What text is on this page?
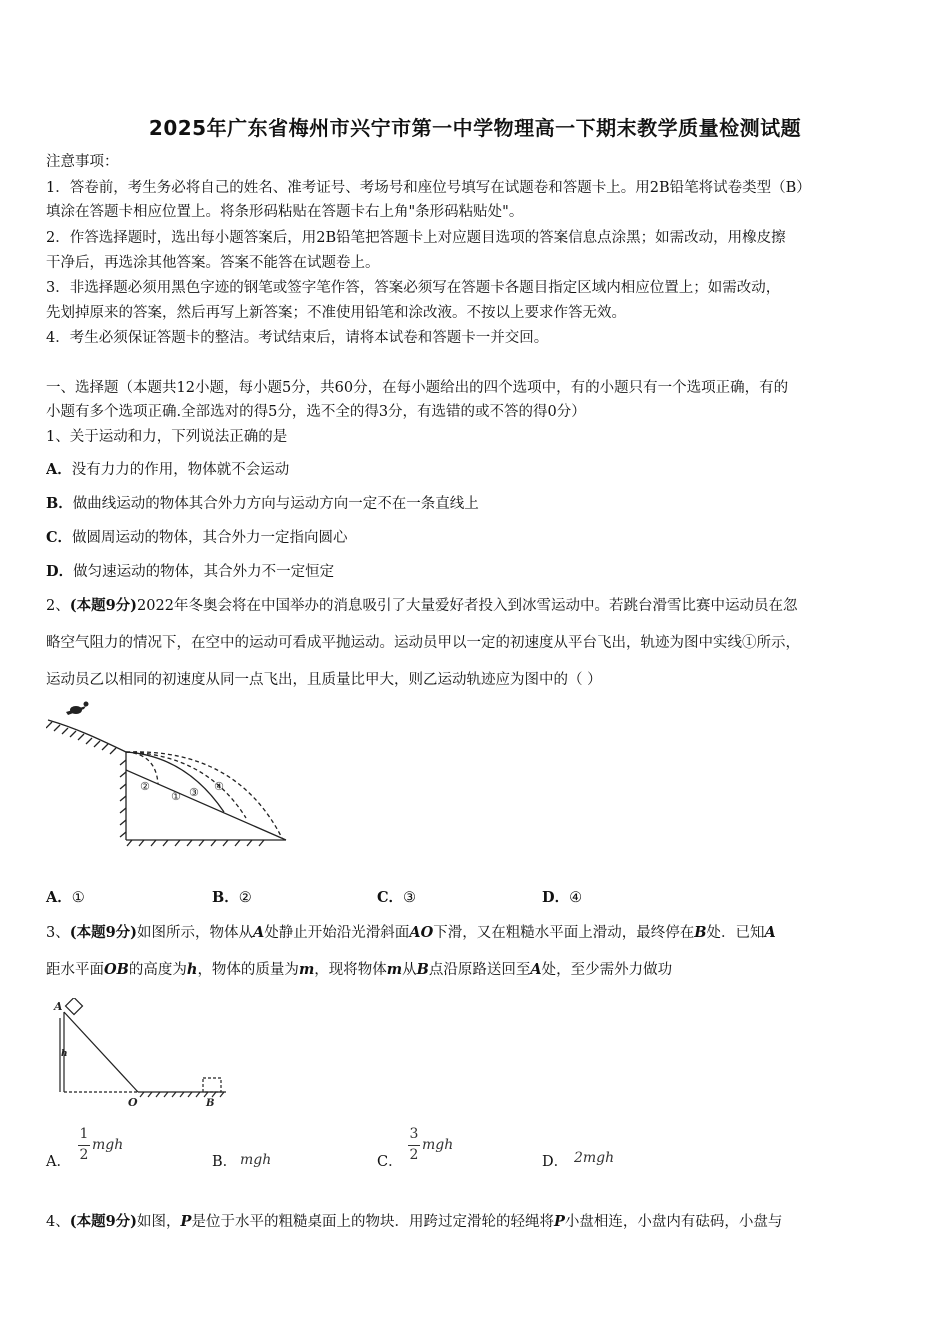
2025年广东省梅州市兴宁市第一中学物理高一下期末教学质量检测试题
注意事项：
1．答卷前，考生务必将自己的姓名、准考证号、考场号和座位号填写在试题卷和答题卡上。用2B铅笔将试卷类型（B）
填涂在答题卡相应位置上。将条形码粘贴在答题卡右上角"条形码粘贴处"。
2．作答选择题时，选出每小题答案后，用2B铅笔把答题卡上对应题目选项的答案信息点涂黑；如需改动，用橡皮擦
干净后，再选涂其他答案。答案不能答在试题卷上。
3．非选择题必须用黑色字迹的钢笔或签字笔作答，答案必须写在答题卡各题目指定区域内相应位置上；如需改动，
先划掉原来的答案，然后再写上新答案；不准使用铅笔和涂改液。不按以上要求作答无效。
4．考生必须保证答题卡的整洁。考试结束后，请将本试卷和答题卡一并交回。
一、选择题（本题共12小题，每小题5分，共60分，在每小题给出的四个选项中，有的小题只有一个选项正确，有的
小题有多个选项正确.全部选对的得5分，选不全的得3分，有选错的或不答的得0分）
1、关于运动和力，下列说法正确的是
A．没有力力的作用，物体就不会运动
B．做曲线运动的物体其合外力方向与运动方向一定不在一条直线上
C．做圆周运动的物体，其合外力一定指向圆心
D．做匀速运动的物体，其合外力不一定恒定
2、(本题9分)2022年冬奥会将在中国举办的消息吸引了大量爱好者投入到冰雪运动中。若跳台滑雪比赛中运动员在忽
略空气阻力的情况下，在空中的运动可看成平抛运动。运动员甲以一定的初速度从平台飞出，轨迹为图中实线①所示，
运动员乙以相同的初速度从同一点飞出，且质量比甲大，则乙运动轨迹应为图中的（ ）
①
②	③ ④
A．①	B．②	C．③	D．④
3、(本题9分)如图所示，物体从A处静止开始沿光滑斜面AO下滑，又在粗糙水平面上滑动，最终停在B处．已知A
距水平面OB的高度为h，物体的质量为m，现将物体m从B点沿原路送回至A处，至少需外力做功
A
h
O	B
A．
1
2
mgh
B． mgh	C．
3
2
mgh
D． 2mgh
4、(本题9分)如图，P是位于水平的粗糙桌面上的物块．用跨过定滑轮的轻绳将P小盘相连，小盘内有砝码，小盘与
